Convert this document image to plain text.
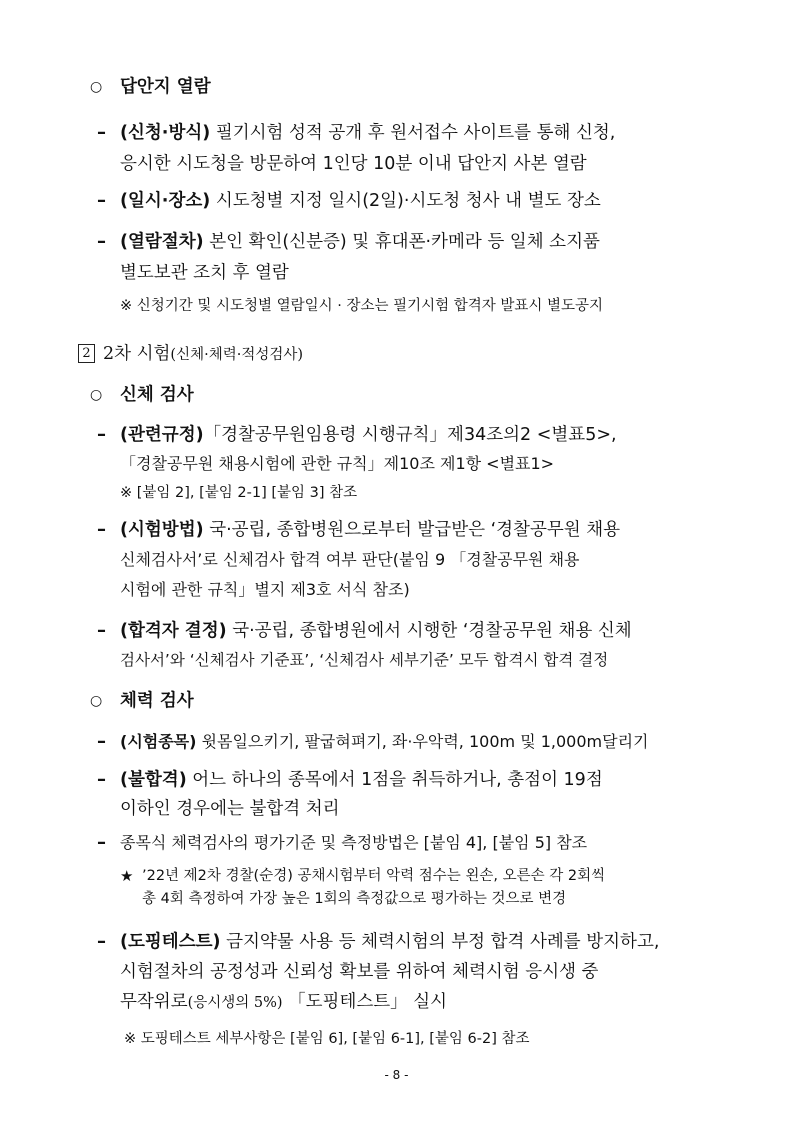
○ 답안지 열람
– (신청·방식) 필기시험 성적 공개 후 원서접수 사이트를 통해 신청,
응시한 시도청을 방문하여 1인당 10분 이내 답안지 사본 열람
– (일시·장소) 시도청별 지정 일시(2일)·시도청 청사 내 별도 장소
– (열람절차) 본인 확인(신분증) 및 휴대폰·카메라 등 일체 소지품
별도보관 조치 후 열람
※ 신청기간 및 시도청별 열람일시 · 장소는 필기시험 합격자 발표시 별도공지
2 2차 시험(신체·체력·적성검사)
○ 신체 검사
– (관련규정)「경찰공무원임용령 시행규칙」제34조의2 <별표5>,
「경찰공무원 채용시험에 관한 규칙」제10조 제1항 <별표1>
※ [붙임 2], [붙임 2-1] [붙임 3] 참조
– (시험방법) 국·공립, 종합병원으로부터 발급받은 ‘경찰공무원 채용
신체검사서’로 신체검사 합격 여부 판단(붙임 9 「경찰공무원 채용
시험에 관한 규칙」별지 제3호 서식 참조)
– (합격자 결정) 국·공립, 종합병원에서 시행한 ‘경찰공무원 채용 신체
검사서’와 ‘신체검사 기준표’, ‘신체검사 세부기준’ 모두 합격시 합격 결정
○ 체력 검사
– (시험종목) 윗몸일으키기, 팔굽혀펴기, 좌·우악력, 100m 및 1,000m달리기
– (불합격) 어느 하나의 종목에서 1점을 취득하거나, 총점이 19점
이하인 경우에는 불합격 처리
– 종목식 체력검사의 평가기준 및 측정방법은 [붙임 4], [붙임 5] 참조
★ ’22년 제2차 경찰(순경) 공채시험부터 악력 점수는 왼손, 오른손 각 2회씩
총 4회 측정하여 가장 높은 1회의 측정값으로 평가하는 것으로 변경
– (도핑테스트) 금지약물 사용 등 체력시험의 부정 합격 사례를 방지하고,
시험절차의 공정성과 신뢰성 확보를 위하여 체력시험 응시생 중
무작위로(응시생의 5%) 「도핑테스트」 실시
※ 도핑테스트 세부사항은 [붙임 6], [붙임 6-1], [붙임 6-2] 참조
- 8 -
